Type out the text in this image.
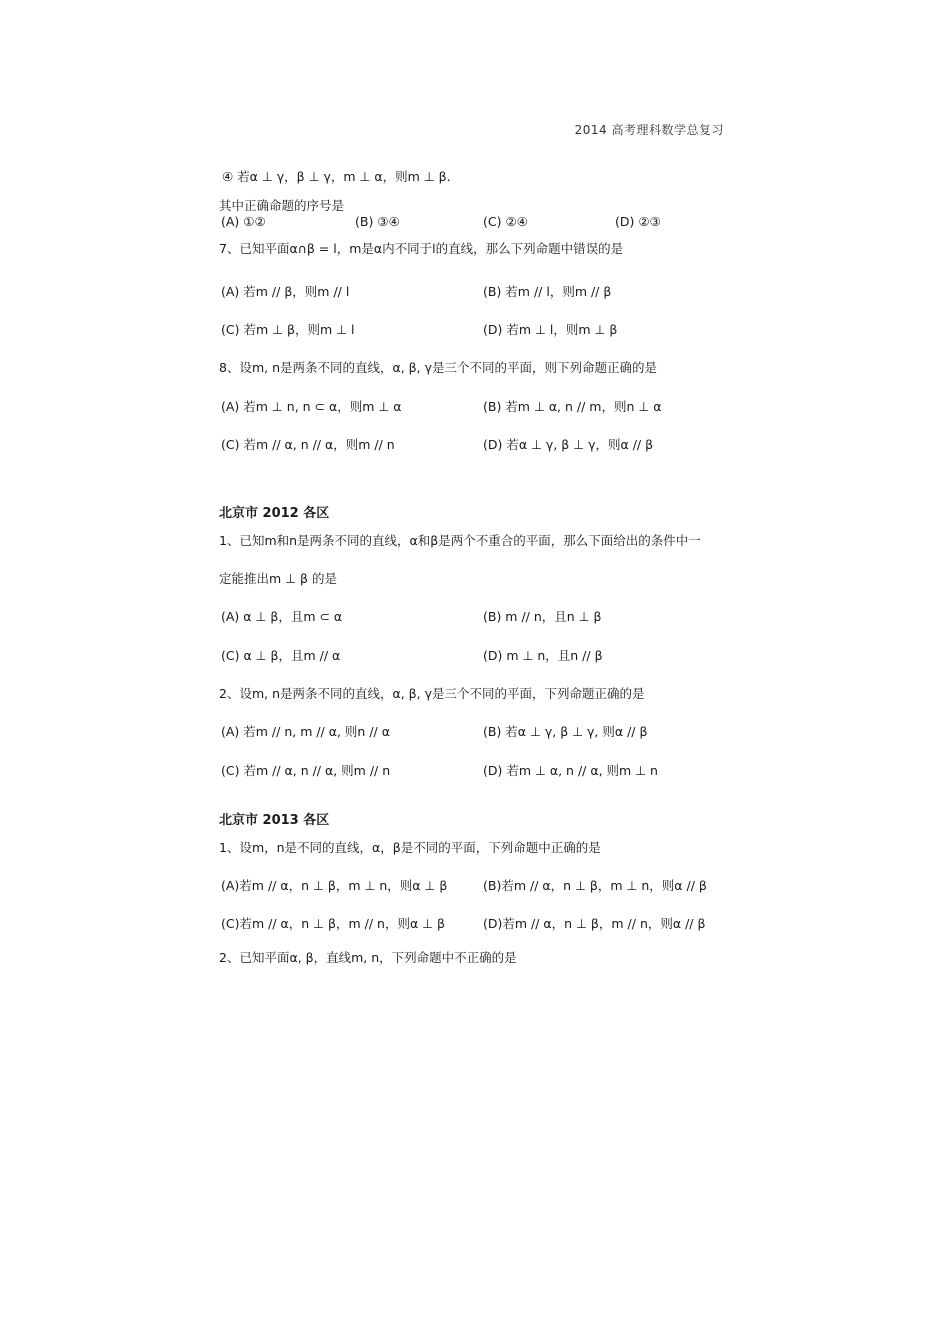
2014 高考理科数学总复习
④ 若α ⊥ γ，β ⊥ γ，m ⊥ α，则m ⊥ β.
其中正确命题的序号是
(A) ①②	(B) ③④	(C) ②④	(D) ②③
7、已知平面α∩β = l，m是α内不同于l的直线，那么下列命题中错误的是
(A) 若m // β，则m // l	(B) 若m // l，则m // β
(C) 若m ⊥ β，则m ⊥ l	(D) 若m ⊥ l，则m ⊥ β
8、设m, n是两条不同的直线，α, β, γ是三个不同的平面，则下列命题正确的是
(A) 若m ⊥ n, n ⊂ α，则m ⊥ α	(B) 若m ⊥ α, n // m，则n ⊥ α
(C) 若m // α, n // α，则m // n	(D) 若α ⊥ γ, β ⊥ γ，则α // β
北京市 2012 各区
1、已知m和n是两条不同的直线，α和β是两个不重合的平面，那么下面给出的条件中一
定能推出m ⊥ β 的是
(A) α ⊥ β，且m ⊂ α	(B) m // n，且n ⊥ β
(C) α ⊥ β，且m // α	(D) m ⊥ n，且n // β
2、设m, n是两条不同的直线，α, β, γ是三个不同的平面，下列命题正确的是
(A) 若m // n, m // α, 则n // α	(B) 若α ⊥ γ, β ⊥ γ, 则α // β
(C) 若m // α, n // α, 则m // n	(D) 若m ⊥ α, n // α, 则m ⊥ n
北京市 2013 各区
1、设m，n是不同的直线，α，β是不同的平面，下列命题中正确的是
(A)若m // α，n ⊥ β，m ⊥ n，则α ⊥ β	(B)若m // α，n ⊥ β，m ⊥ n，则α // β
(C)若m // α，n ⊥ β，m // n，则α ⊥ β	(D)若m // α，n ⊥ β，m // n，则α // β
2、已知平面α, β，直线m, n，下列命题中不正确的是
